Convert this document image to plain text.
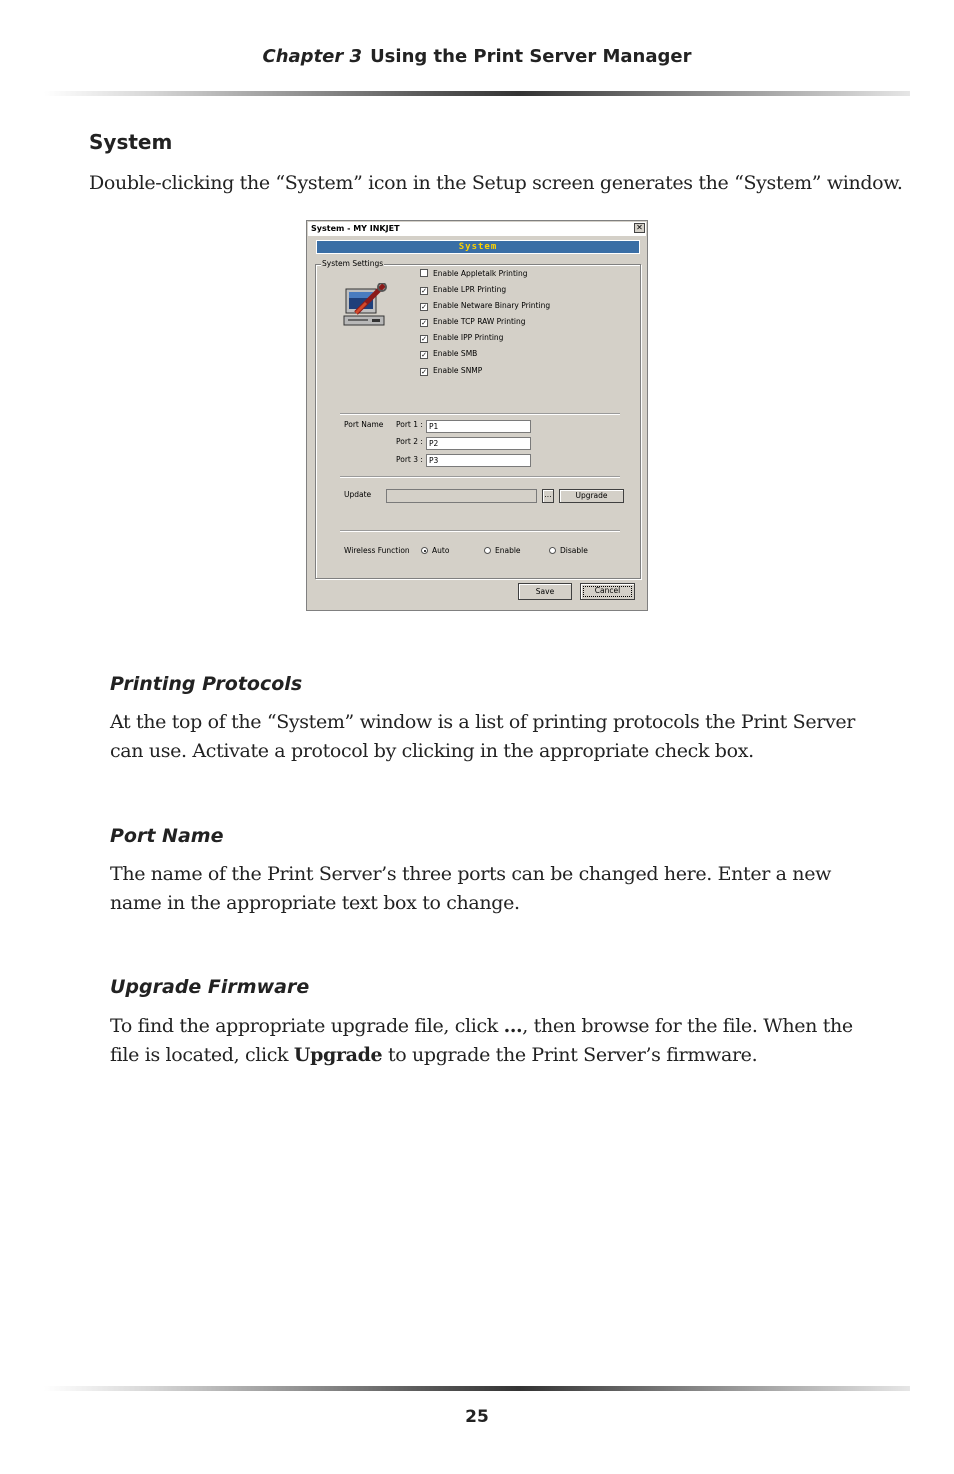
Chapter 3 Using the Print Server Manager
System
Double-clicking the “System” icon in the Setup screen generates the “System” window.
System - MY INKJET	✕
System
System Settings
Enable Appletalk Printing
✓ Enable LPR Printing
✓ Enable Netware Binary Printing
✓ Enable TCP RAW Printing
✓ Enable IPP Printing
✓ Enable SMB
✓ Enable SNMP
Port Name Port 1 : P1
Port 2 : P2
Port 3 : P3
Update	...	Upgrade
Wireless Function	Auto	Enable	Disable
Save	Cancel
Printing Protocols
At the top of the “System” window is a list of printing protocols the Print Server can use. Activate a protocol by clicking in the appropriate check box.
Port Name
The name of the Print Server’s three ports can be changed here. Enter a new name in the appropriate text box to change.
Upgrade Firmware
To find the appropriate upgrade file, click …, then browse for the file. When the file is located, click Upgrade to upgrade the Print Server’s firmware.
25
